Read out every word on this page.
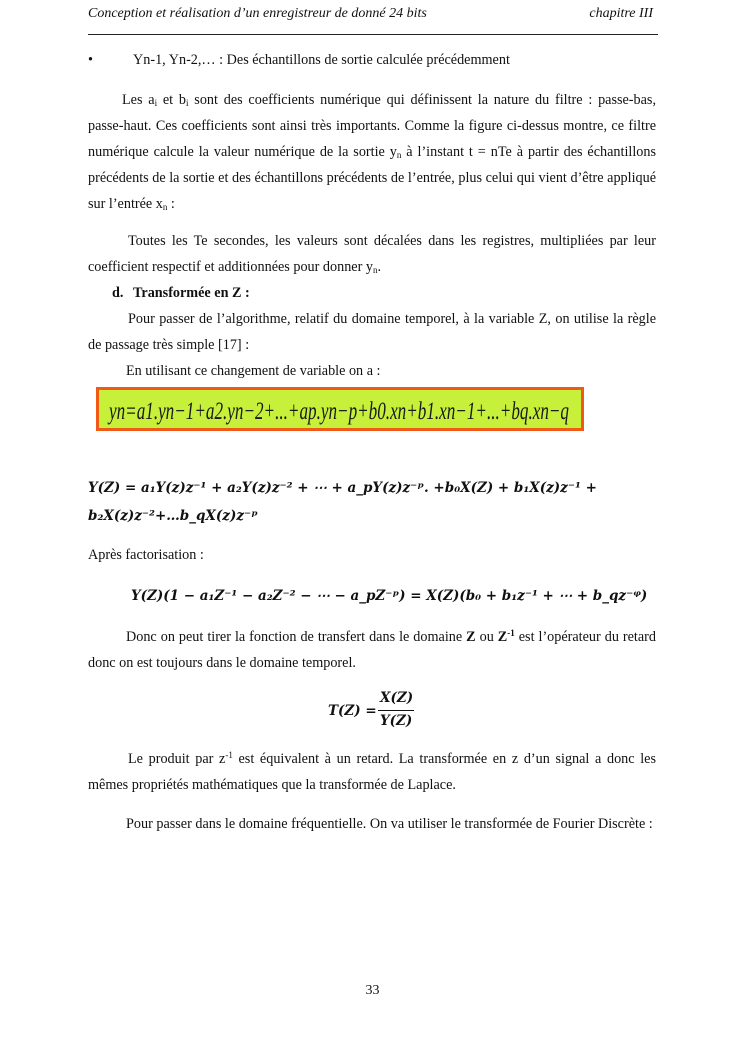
Conception et réalisation d’un enregistreur de donné 24 bits	chapitre III
•	Yn-1, Yn-2,… : Des échantillons de sortie calculée précédemment

Les $a_i$ et $b_i$ sont des coefficients numérique qui définissent la nature du filtre : passe-bas, passe-haut. Ces coefficients sont ainsi très importants. Comme la figure ci-dessus montre, ce filtre numérique calcule la valeur numérique de la sortie $y_n$ à l’instant t = nTe à partir des échantillons précédents de la sortie et des échantillons précédents de l’entrée, plus celui qui vient d’être appliqué sur l’entrée $x_n$ :

Toutes les Te secondes, les valeurs sont décalées dans les registres, multipliées par leur coefficient respectif et additionnées pour donner $y_n$.

d. Transformée en Z :

Pour passer de l’algorithme, relatif du domaine temporel, à la variable Z, on utilise la règle de passage très simple [17] :

En utilisant ce changement de variable on a :

yn=a1.yn−1+a2.yn−2+...+ap.yn−p+b0.xn+b1.xn−1+...+bq.xn−q
Y(Z) = a₁Y(z)z⁻¹ + a₂Y(z)z⁻² + ⋯ + a_pY(z)z⁻ᵖ. +b₀X(Z) + b₁X(z)z⁻¹ +
b₂X(z)z⁻²+…b_qX(z)z⁻ᵖ

Après factorisation :

Y(Z)(1 − a₁Z⁻¹ − a₂Z⁻² − ⋯ − a_pZ⁻ᵖ) = X(Z)(b₀ + b₁z⁻¹ + ⋯ + b_qz⁻ᵠ)

Donc on peut tirer la fonction de transfert dans le domaine Z ou $Z^{-1}$ est l’opérateur du retard donc on est toujours dans le domaine temporel.

T(Z) =
X(Z)
Y(Z)

Le produit par $z^{-1}$ est équivalent à un retard. La transformée en z d’un signal a donc les mêmes propriétés mathématiques que la transformée de Laplace.

Pour passer dans le domaine fréquentielle. On va utiliser le transformée de Fourier Discrète :

33
